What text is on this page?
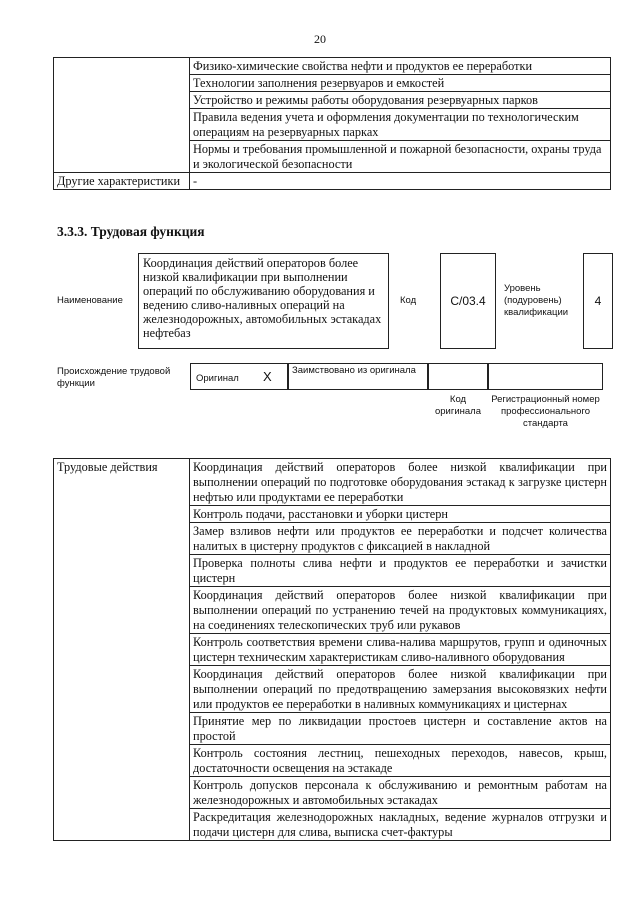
20
	Физико-химические свойства нефти и продуктов ее переработки
	Технологии заполнения резервуаров и емкостей
	Устройство и режимы работы оборудования резервуарных парков
	Правила ведения учета и оформления документации по технологическим операциям на резервуарных парках
	Нормы и требования промышленной и пожарной безопасности, охраны труда и экологической безопасности
Другие характеристики	-
3.3.3. Трудовая функция
Наименование
Координация действий операторов более низкой квалификации при выполнении операций по обслуживанию оборудования и ведению сливо-наливных операций на железнодорожных, автомобильных эстакадах нефтебаз
Код	C/03.4
Уровень (подуровень) квалификации
4
Происхождение трудовой функции	Оригинал X Заимствовано из оригинала
Код оригинала
Регистрационный номер профессионального стандарта
Трудовые действия	Координация действий операторов более низкой квалификации при выполнении операций по подготовке оборудования эстакад к загрузке цистерн нефтью или продуктами ее переработки
Контроль подачи, расстановки и уборки цистерн
Замер взливов нефти или продуктов ее переработки и подсчет количества налитых в цистерну продуктов с фиксацией в накладной
Проверка полноты слива нефти и продуктов ее переработки и зачистки цистерн
Координация действий операторов более низкой квалификации при выполнении операций по устранению течей на продуктовых коммуникациях, на соединениях телескопических труб или рукавов
Контроль соответствия времени слива-налива маршрутов, групп и одиночных цистерн техническим характеристикам сливо-наливного оборудования
Координация действий операторов более низкой квалификации при выполнении операций по предотвращению замерзания высоковязких нефти или продуктов ее переработки в наливных коммуникациях и цистернах
Принятие мер по ликвидации простоев цистерн и составление актов на простой
Контроль состояния лестниц, пешеходных переходов, навесов, крыш, достаточности освещения на эстакаде
Контроль допусков персонала к обслуживанию и ремонтным работам на железнодорожных и автомобильных эстакадах
Раскредитация железнодорожных накладных, ведение журналов отгрузки и подачи цистерн для слива, выписка счет-фактуры
